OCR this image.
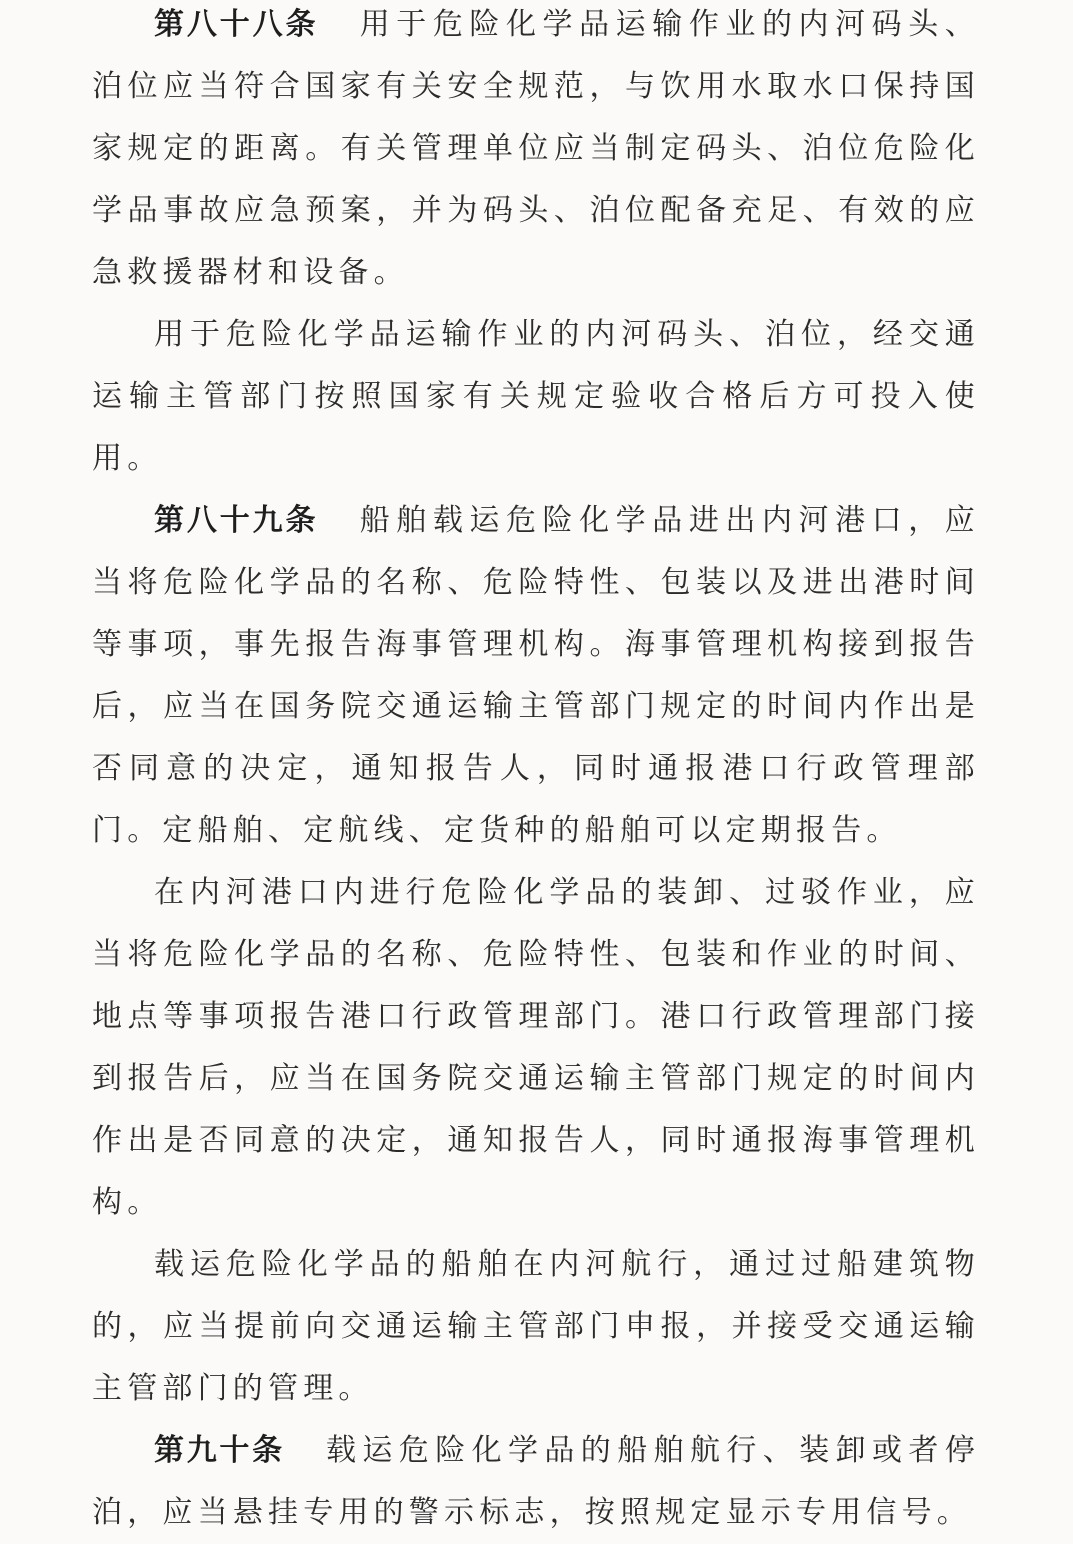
第八十八条 用于危险化学品运输作业的内河码头、泊位应当符合国家有关安全规范，与饮用水取水口保持国家规定的距离。有关管理单位应当制定码头、泊位危险化学品事故应急预案，并为码头、泊位配备充足、有效的应急救援器材和设备。

用于危险化学品运输作业的内河码头、泊位，经交通运输主管部门按照国家有关规定验收合格后方可投入使用。

第八十九条 船舶载运危险化学品进出内河港口，应当将危险化学品的名称、危险特性、包装以及进出港时间等事项，事先报告海事管理机构。海事管理机构接到报告后，应当在国务院交通运输主管部门规定的时间内作出是否同意的决定，通知报告人，同时通报港口行政管理部门。定船舶、定航线、定货种的船舶可以定期报告。

在内河港口内进行危险化学品的装卸、过驳作业，应当将危险化学品的名称、危险特性、包装和作业的时间、地点等事项报告港口行政管理部门。港口行政管理部门接到报告后，应当在国务院交通运输主管部门规定的时间内作出是否同意的决定，通知报告人，同时通报海事管理机构。

载运危险化学品的船舶在内河航行，通过过船建筑物的，应当提前向交通运输主管部门申报，并接受交通运输主管部门的管理。

第九十条 载运危险化学品的船舶航行、装卸或者停泊，应当悬挂专用的警示标志，按照规定显示专用信号。
